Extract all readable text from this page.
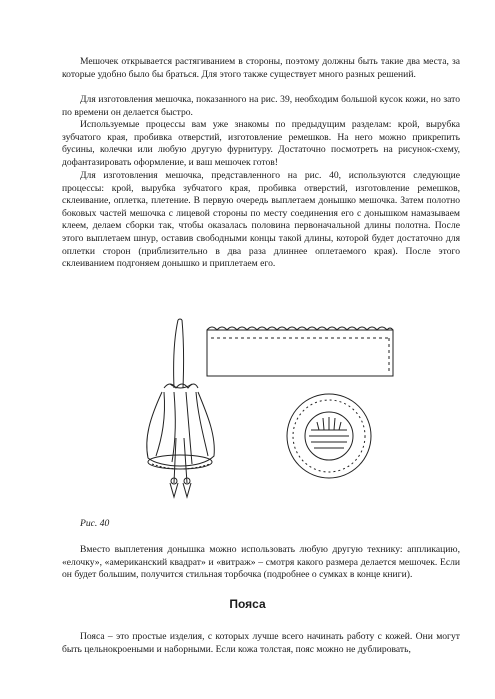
Мешочек открывается растягиванием в стороны, поэтому должны быть такие два места, за которые удобно было бы браться. Для этого также существует много разных решений.

Для изготовления мешочка, показанного на рис. 39, необходим большой кусок кожи, но зато по времени он делается быстро.

Используемые процессы вам уже знакомы по предыдущим разделам: крой, вырубка зубчатого края, пробивка отверстий, изготовление ремешков. На него можно прикрепить бусины, колечки или любую другую фурнитуру. Достаточно посмотреть на рисунок-схему, дофантазировать оформление, и ваш мешочек готов!

Для изготовления мешочка, представленного на рис. 40, используются следующие процессы: крой, вырубка зубчатого края, пробивка отверстий, изготовление ремешков, склеивание, оплетка, плетение. В первую очередь выплетаем донышко мешочка. Затем полотно боковых частей мешочка с лицевой стороны по месту соединения его с донышком намазываем клеем, делаем сборки так, чтобы оказалась половина первоначальной длины полотна. После этого выплетаем шнур, оставив свободными концы такой длины, которой будет достаточно для оплетки сторон (приблизительно в два раза длиннее оплетаемого края). После этого склеиванием подгоняем донышко и приплетаем его.

Рис. 40

Вместо выплетения донышка можно использовать любую другую технику: аппликацию, «елочку», «американский квадрат» и «витраж» – смотря какого размера делается мешочек. Если он будет большим, получится стильная торбочка (подробнее о сумках в конце книги).

Пояса

Пояса – это простые изделия, с которых лучше всего начинать работу с кожей. Они могут быть цельнокроеными и наборными. Если кожа толстая, пояс можно не дублировать,
